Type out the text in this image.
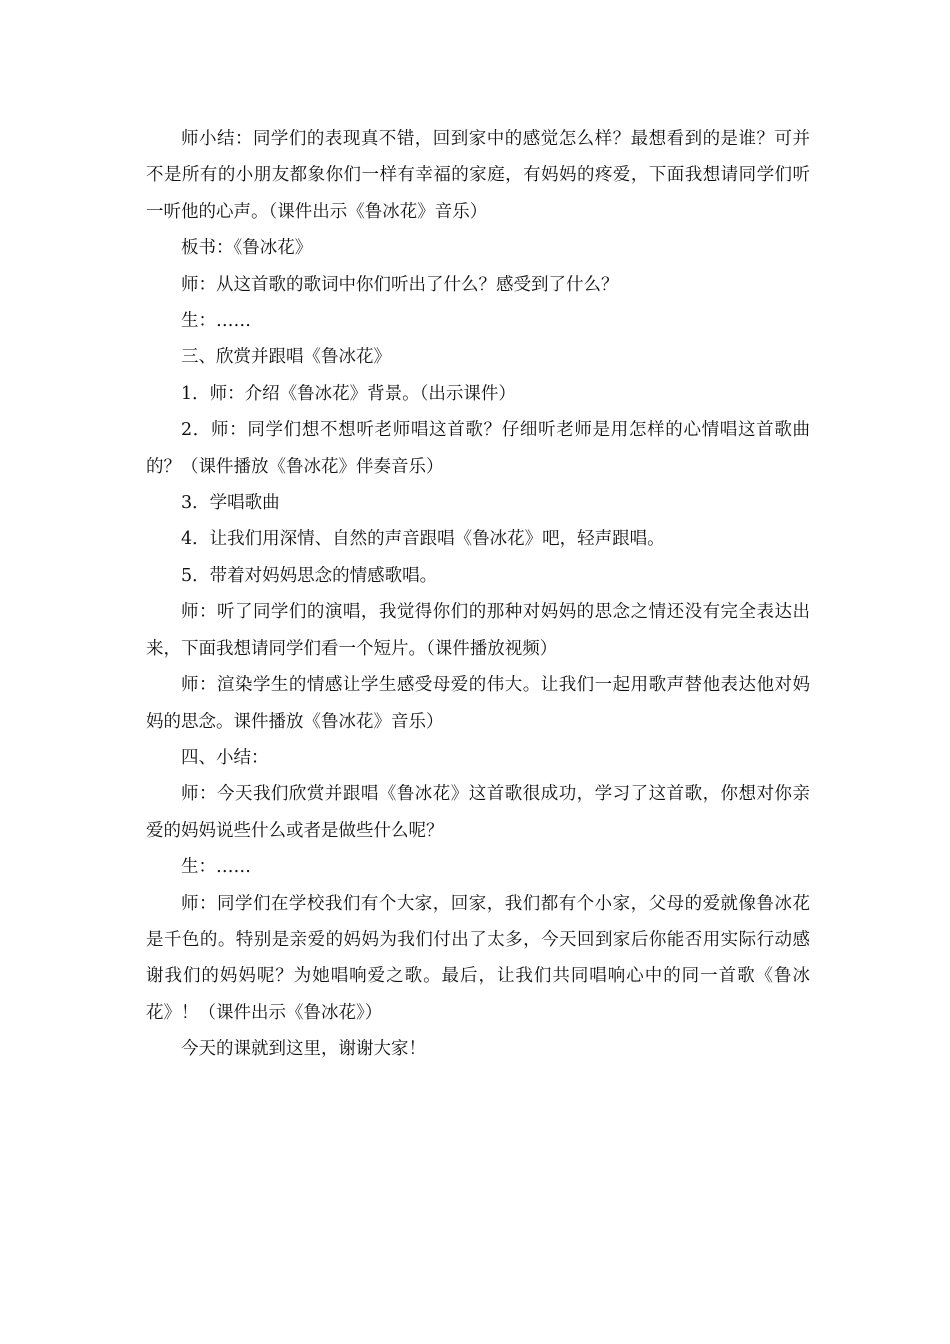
师小结：同学们的表现真不错，回到家中的感觉怎么样？最想看到的是谁？可并不是所有的小朋友都象你们一样有幸福的家庭，有妈妈的疼爱，下面我想请同学们听一听他的心声。（课件出示《鲁冰花》音乐）

板书：《鲁冰花》

师：从这首歌的歌词中你们听出了什么？感受到了什么？

生：……

三、欣赏并跟唱《鲁冰花》

1．师：介绍《鲁冰花》背景。（出示课件）

2．师：同学们想不想听老师唱这首歌？仔细听老师是用怎样的心情唱这首歌曲的？（课件播放《鲁冰花》伴奏音乐）

3．学唱歌曲

4．让我们用深情、自然的声音跟唱《鲁冰花》吧，轻声跟唱。

5．带着对妈妈思念的情感歌唱。

师：听了同学们的演唱，我觉得你们的那种对妈妈的思念之情还没有完全表达出来，下面我想请同学们看一个短片。（课件播放视频）

师：渲染学生的情感让学生感受母爱的伟大。让我们一起用歌声替他表达他对妈妈的思念。课件播放《鲁冰花》音乐）

四、小结：

师：今天我们欣赏并跟唱《鲁冰花》这首歌很成功，学习了这首歌，你想对你亲爱的妈妈说些什么或者是做些什么呢？

生：……

师：同学们在学校我们有个大家，回家，我们都有个小家，父母的爱就像鲁冰花是千色的。特别是亲爱的妈妈为我们付出了太多，今天回到家后你能否用实际行动感谢我们的妈妈呢？为她唱响爱之歌。最后，让我们共同唱响心中的同一首歌《鲁冰花》！（课件出示《鲁冰花》）

今天的课就到这里，谢谢大家！
